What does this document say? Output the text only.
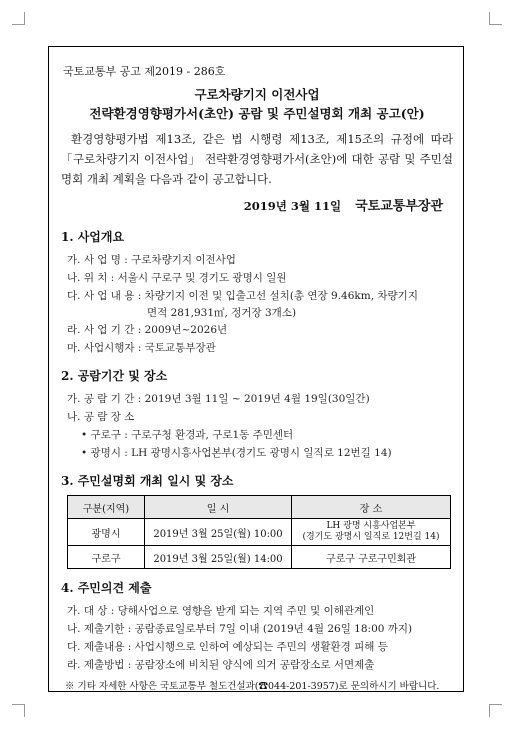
국토교통부 공고 제2019 - 286호
구로차량기지 이전사업
전략환경영향평가서(초안) 공람 및 주민설명회 개최 공고(안)
환경영향평가법 제13조, 같은 법 시행령 제13조, 제15조의 규정에 따라 「구로차량기지 이전사업」 전략환경영향평가서(초안)에 대한 공람 및 주민설명회 개최 계획을 다음과 같이 공고합니다.
2019년 3월 11일 국토교통부장관
1. 사업개요
가. 사 업 명 : 구로차량기지 이전사업
나. 위 치 : 서울시 구로구 및 경기도 광명시 일원
다. 사 업 내 용 : 차량기지 이전 및 입출고선 설치(총 연장 9.46km, 차량기지
면적 281,931㎡, 정거장 3개소)
라. 사 업 기 간 : 2009년~2026년
마. 사업시행자 : 국토교통부장관
2. 공람기간 및 장소
가. 공 람 기 간 : 2019년 3월 11일 ~ 2019년 4월 19일(30일간)
나. 공 람 장 소
• 구로구 : 구로구청 환경과, 구로1동 주민센터
• 광명시 : LH 광명시흥사업본부(경기도 광명시 일직로 12번길 14)
3. 주민설명회 개최 일시 및 장소
구분(지역)	일 시	장 소
광명시	2019년 3월 25일(월) 10:00	LH 광명 시흥사업본부
(경기도 광명시 일직로 12번길 14)

구로구	2019년 3월 25일(월) 14:00	구로구 구로구민회관
4. 주민의견 제출
가. 대 상 : 당해사업으로 영향을 받게 되는 지역 주민 및 이해관계인
나. 제출기한 : 공람종료일로부터 7일 이내 (2019년 4월 26일 18:00 까지)
다. 제출내용 : 사업시행으로 인하여 예상되는 주민의 생활환경 피해 등
라. 제출방법 : 공람장소에 비치된 양식에 의거 공람장소로 서면제출
※ 기타 자세한 사항은 국토교통부 철도건설과(☎044-201-3957)로 문의하시기 바랍니다.
